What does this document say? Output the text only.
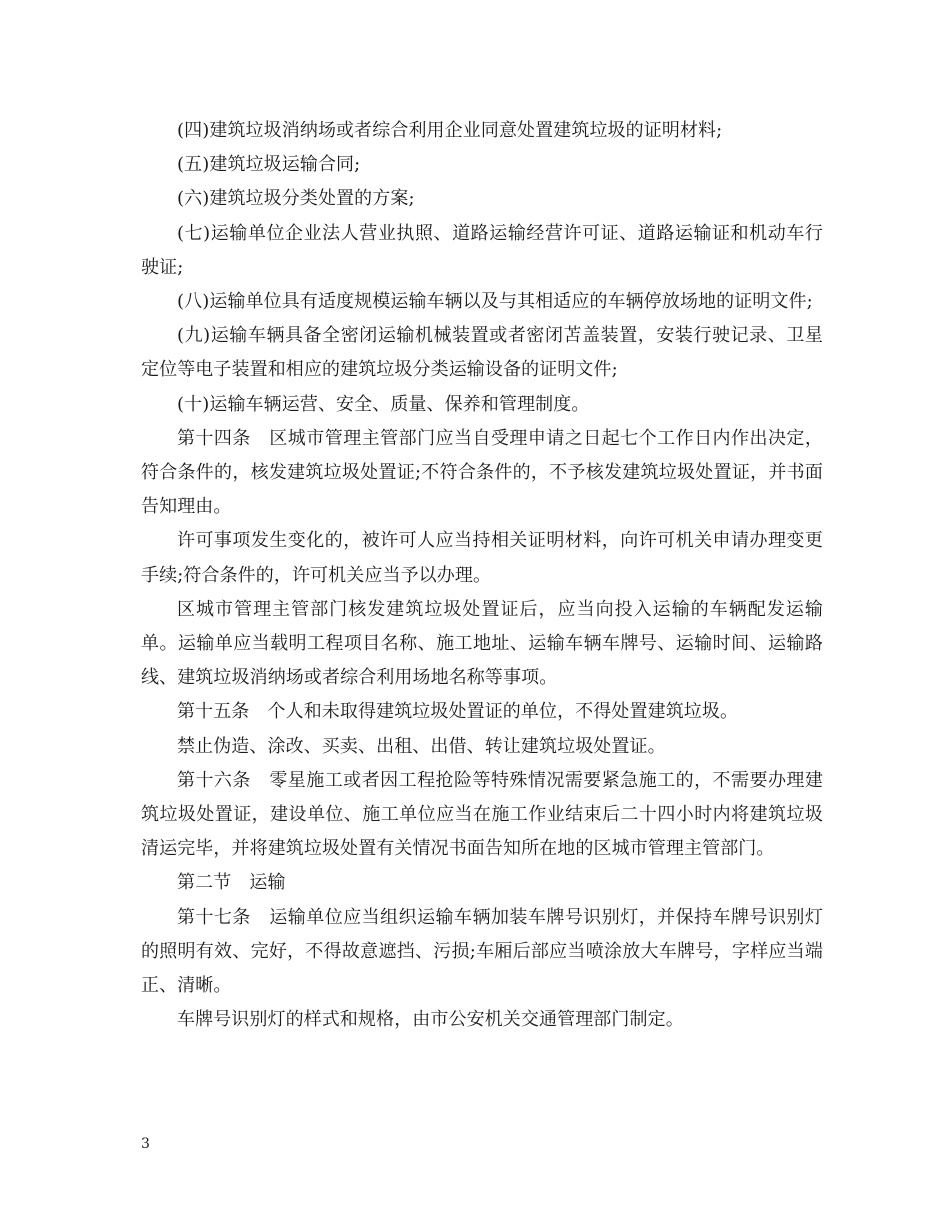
(四)建筑垃圾消纳场或者综合利用企业同意处置建筑垃圾的证明材料;

(五)建筑垃圾运输合同;

(六)建筑垃圾分类处置的方案;

(七)运输单位企业法人营业执照、道路运输经营许可证、道路运输证和机动车行驶证;

(八)运输单位具有适度规模运输车辆以及与其相适应的车辆停放场地的证明文件;

(九)运输车辆具备全密闭运输机械装置或者密闭苫盖装置，安装行驶记录、卫星定位等电子装置和相应的建筑垃圾分类运输设备的证明文件;

(十)运输车辆运营、安全、质量、保养和管理制度。

第十四条　区城市管理主管部门应当自受理申请之日起七个工作日内作出决定，符合条件的，核发建筑垃圾处置证;不符合条件的，不予核发建筑垃圾处置证，并书面告知理由。

许可事项发生变化的，被许可人应当持相关证明材料，向许可机关申请办理变更手续;符合条件的，许可机关应当予以办理。

区城市管理主管部门核发建筑垃圾处置证后，应当向投入运输的车辆配发运输单。运输单应当载明工程项目名称、施工地址、运输车辆车牌号、运输时间、运输路线、建筑垃圾消纳场或者综合利用场地名称等事项。

第十五条　个人和未取得建筑垃圾处置证的单位，不得处置建筑垃圾。

禁止伪造、涂改、买卖、出租、出借、转让建筑垃圾处置证。

第十六条　零星施工或者因工程抢险等特殊情况需要紧急施工的，不需要办理建筑垃圾处置证，建设单位、施工单位应当在施工作业结束后二十四小时内将建筑垃圾清运完毕，并将建筑垃圾处置有关情况书面告知所在地的区城市管理主管部门。

第二节　运输

第十七条　运输单位应当组织运输车辆加装车牌号识别灯，并保持车牌号识别灯的照明有效、完好，不得故意遮挡、污损;车厢后部应当喷涂放大车牌号，字样应当端正、清晰。

车牌号识别灯的样式和规格，由市公安机关交通管理部门制定。

3
